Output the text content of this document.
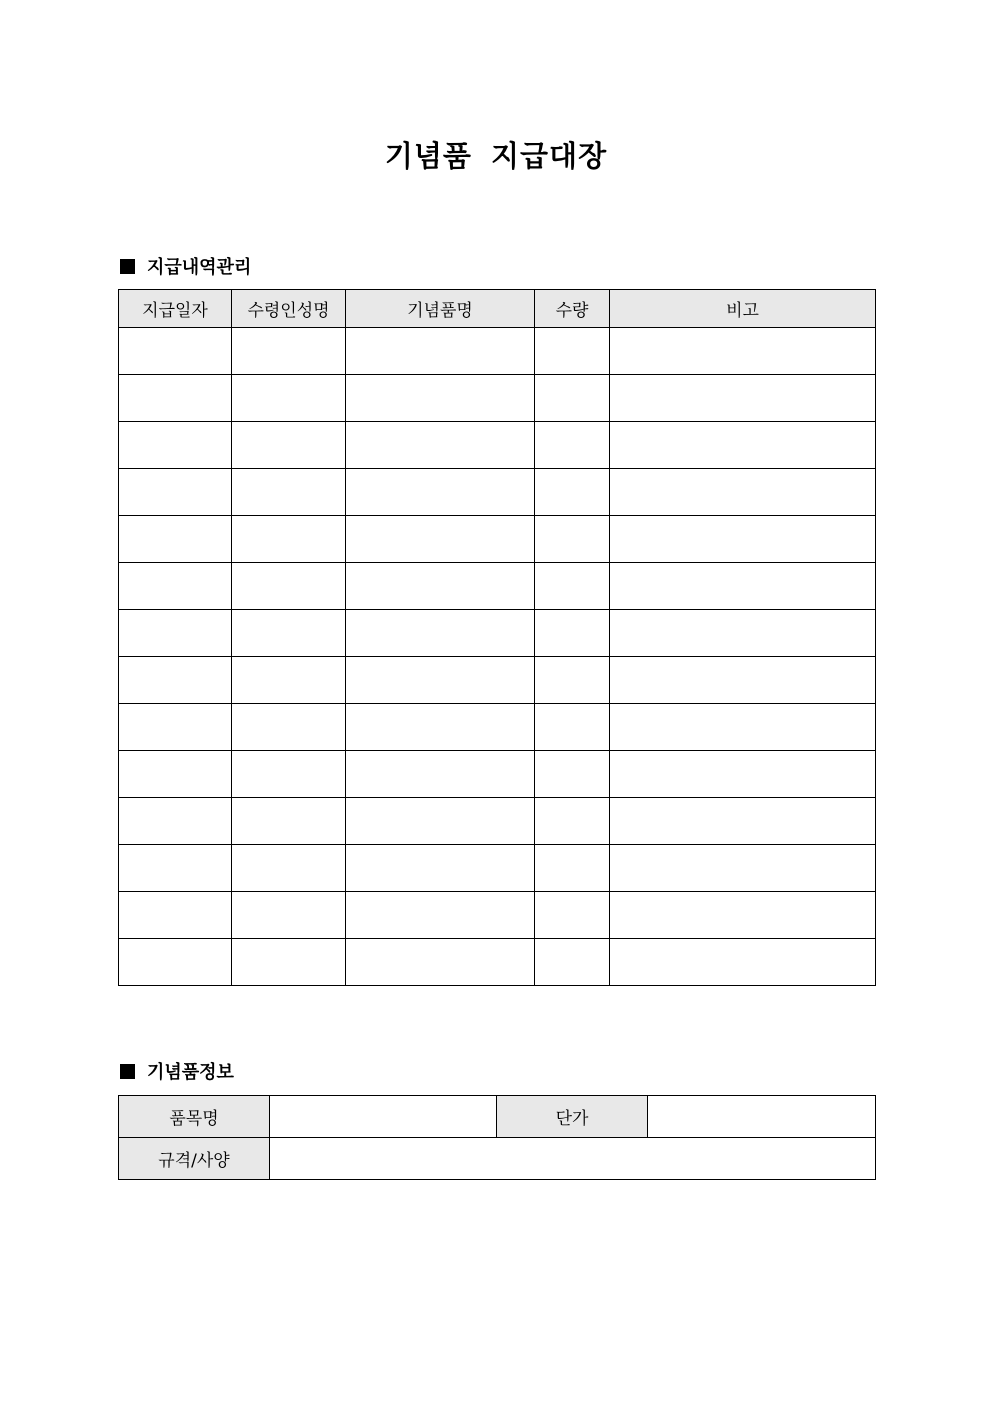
기념품 지급대장
지급내역관리
지급일자	수령인성명	기념품명	수량	비고

기념품정보
품목명		단가	
규격/사양			
